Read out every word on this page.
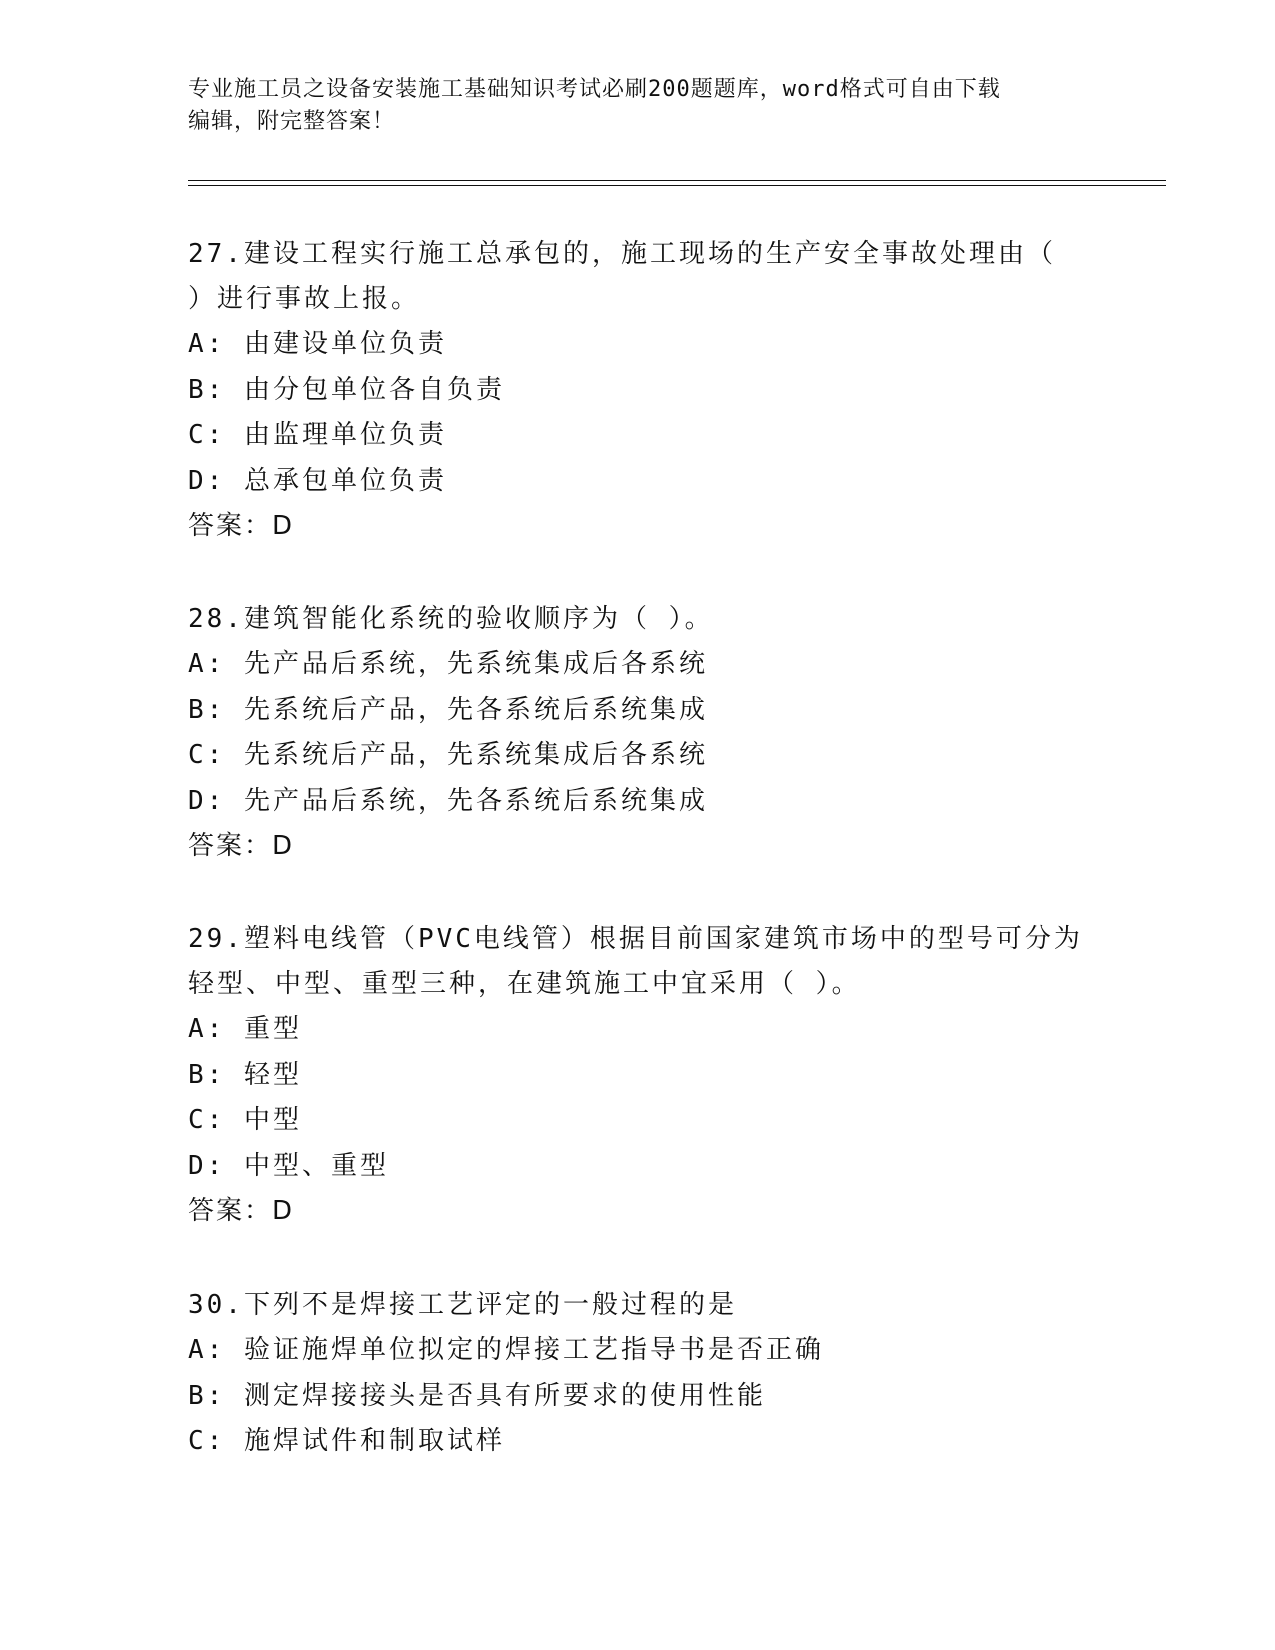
专业施工员之设备安装施工基础知识考试必刷200题题库，word格式可自由下载
编辑，附完整答案！

27.建设工程实行施工总承包的，施工现场的生产安全事故处理由（

）进行事故上报。

A: 由建设单位负责

B: 由分包单位各自负责

C: 由监理单位负责

D: 总承包单位负责

答案：D

28.建筑智能化系统的验收顺序为（ ）。

A: 先产品后系统，先系统集成后各系统

B: 先系统后产品，先各系统后系统集成

C: 先系统后产品，先系统集成后各系统

D: 先产品后系统，先各系统后系统集成

答案：D

29.塑料电线管（PVC电线管）根据目前国家建筑市场中的型号可分为

轻型、中型、重型三种，在建筑施工中宜采用（ ）。

A: 重型

B: 轻型

C: 中型

D: 中型、重型

答案：D

30.下列不是焊接工艺评定的一般过程的是

A: 验证施焊单位拟定的焊接工艺指导书是否正确

B: 测定焊接接头是否具有所要求的使用性能

C: 施焊试件和制取试样
